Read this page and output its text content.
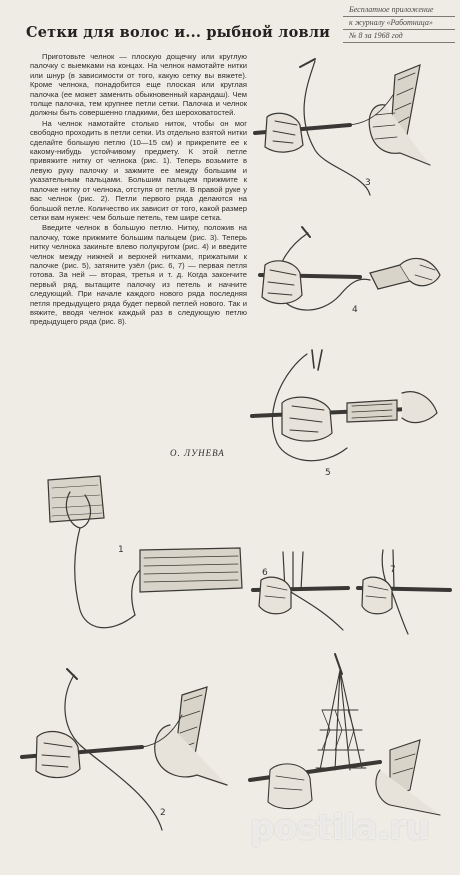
Сетки для волос и... рыбной ловли
Бесплатное приложение
к журналу «Работница»
№ 8 за 1968 год

Приготовьте челнок — плоскую дощечку или круглую палочку с выемками на концах. На челнок намотайте нитки или шнур (в зависимости от того, какую сетку вы вяжете). Кроме челнока, понадобится еще плоская или круглая палочка (ее может заменить обыкновенный карандаш). Чем толще палочка, тем крупнее петли сетки. Палочка и челнок должны быть совершенно гладкими, без шероховатостей.

На челнок намотайте столько ниток, чтобы он мог свободно проходить в петли сетки. Из отдельно взятой нитки сделайте большую петлю (10—15 см) и прикрепите ее к какому-нибудь устойчивому предмету. К этой петле привяжите нитку от челнока (рис. 1). Теперь возьмите в левую руку палочку и зажмите ее между большим и указательным пальцами. Большим пальцем прижмите к палочке нитку от челнока, отступя от петли. В правой руке у вас челнок (рис. 2). Петли первого ряда делаются на большой петле. Количество их зависит от того, какой размер сетки вам нужен: чем больше петель, тем шире сетка.

Введите челнок в большую петлю. Нитку, положив на палочку, тоже прижмите большим пальцем (рис. 3). Теперь нитку челнока закиньте влево полукругом (рис. 4) и введите челнок между нижней и верхней нитками, прижатыми к палочке (рис. 5), затяните узёл (рис. 6, 7) — первая петля готова. За ней — вторая, третья и т. д. Когда закончите первый ряд, вытащите палочку из петель и начните следующий. При начале каждого нового ряда последняя петля предыдущего ряда будет первой петлей нового. Так и вяжите, вводя челнок каждый раз в следующую петлю предыдущего ряда (рис. 8).

О. ЛУНЕВА
3
4
5
6	7
1
2 postila.ru
